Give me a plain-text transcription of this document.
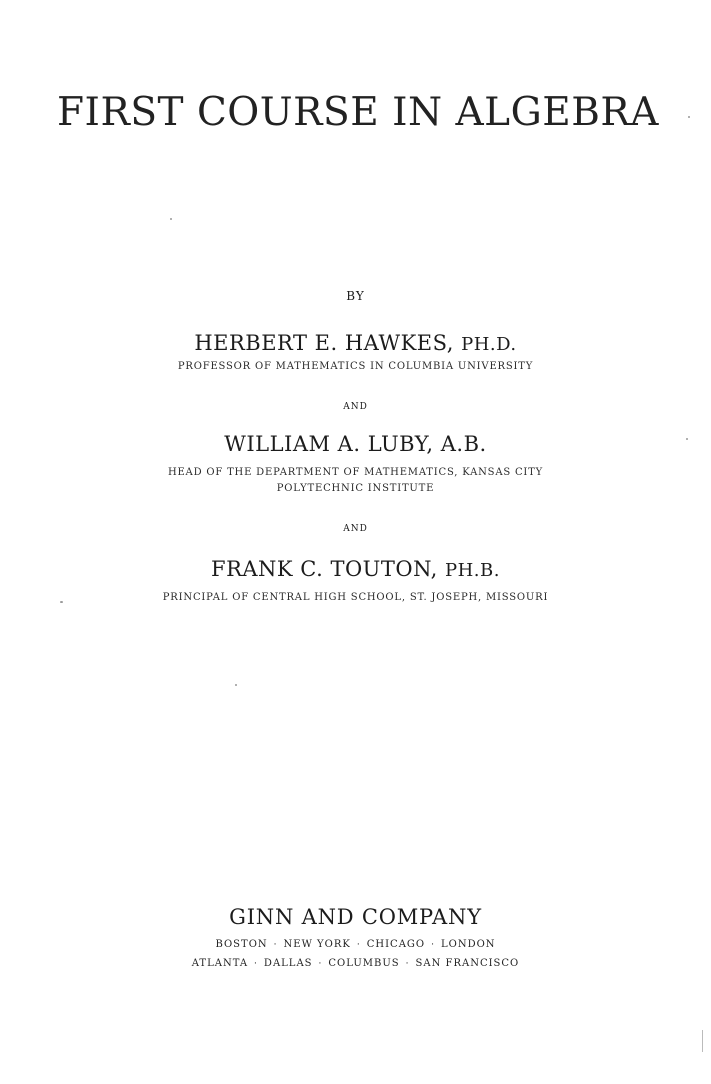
FIRST COURSE IN ALGEBRA
BY
HERBERT E. HAWKES, PH.D.
PROFESSOR OF MATHEMATICS IN COLUMBIA UNIVERSITY
AND
WILLIAM A. LUBY, A.B.
HEAD OF THE DEPARTMENT OF MATHEMATICS, KANSAS CITY
POLYTECHNIC INSTITUTE
AND
FRANK C. TOUTON, PH.B.
PRINCIPAL OF CENTRAL HIGH SCHOOL, ST. JOSEPH, MISSOURI
GINN AND COMPANY
BOSTON · NEW YORK · CHICAGO · LONDON
ATLANTA · DALLAS · COLUMBUS · SAN FRANCISCO
